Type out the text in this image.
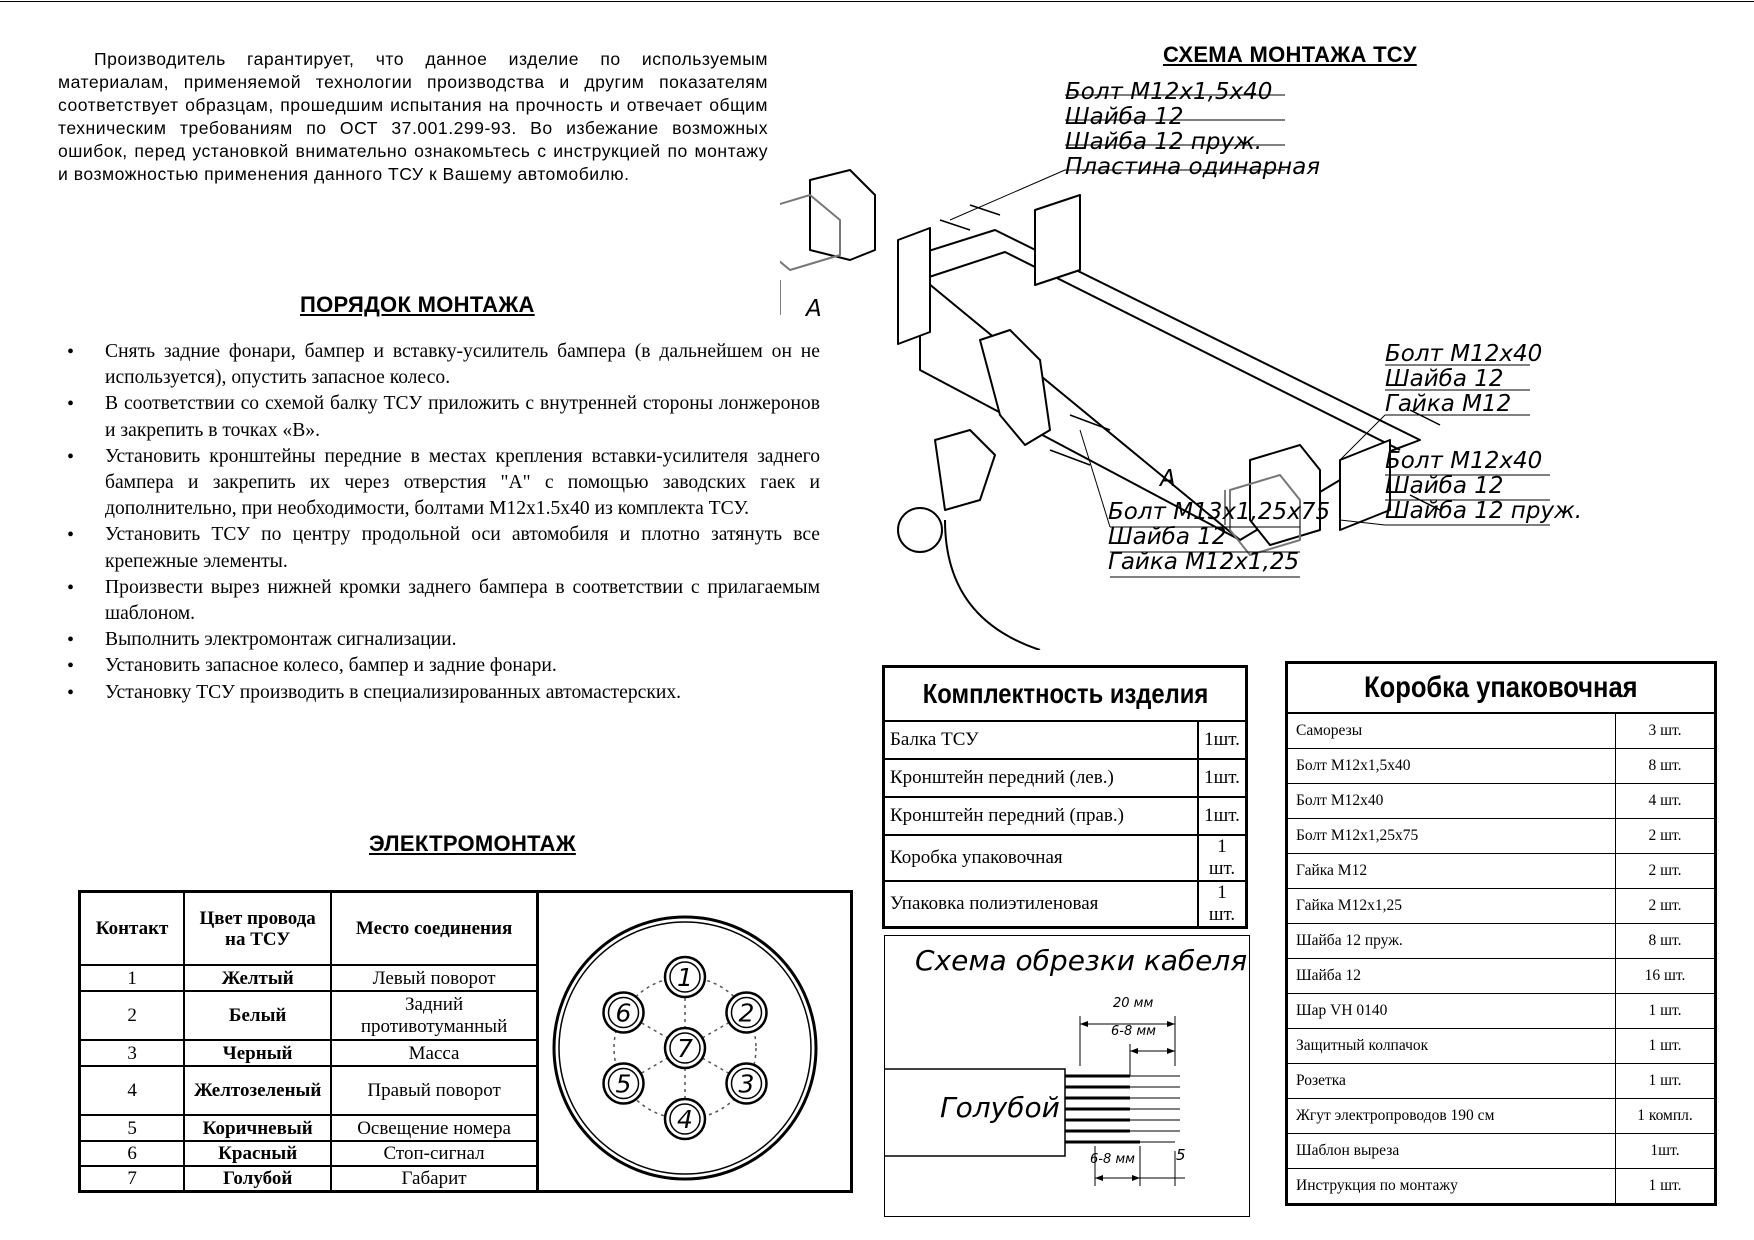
Производитель гарантирует, что данное изделие по используемым материалам, применяемой технологии производства и другим показателям соответствует образцам, прошедшим испытания на прочность и отвечает общим техническим требованиям по ОСТ 37.001.299-93. Во избежание возможных ошибок, перед установкой внимательно ознакомьтесь с инструкцией по монтажу и возможностью применения данного ТСУ к Вашему автомобилю.
ПОРЯДОК МОНТАЖА
• Снять задние фонари, бампер и вставку-усилитель бампера (в дальнейшем он не используется), опустить запасное колесо.
• В соответствии со схемой балку ТСУ приложить с внутренней стороны лонжеронов и закрепить в точках «В».
• Установить кронштейны передние в местах крепления вставки-усилителя заднего бампера и закрепить их через отверстия "А" с помощью заводских гаек и дополнительно, при необходимости, болтами М12х1.5х40 из комплекта ТСУ.
• Установить ТСУ по центру продольной оси автомобиля и плотно затянуть все крепежные элементы.
• Произвести вырез нижней кромки заднего бампера в соответствии с прилагаемым шаблоном.
• Выполнить электромонтаж сигнализации.
• Установить запасное колесо, бампер и задние фонари.
• Установку ТСУ производить в специализированных автомастерских.
ЭЛЕКТРОМОНТАЖ
Контакт	Цвет провода на ТСУ	Место соединения
1	Желтый	Левый поворот
2	Белый	Задний противотуманный
3	Черный	Масса
4	Желтозеленый	Правый поворот
5	Коричневый	Освещение номера
6	Красный	Стоп-сигнал
7	Голубой	Габарит
1
2
3
4
5
6
7
СХЕМА МОНТАЖА ТСУ
Болт М12х1,5х40
Шайба 12
Шайба 12 пруж.
Пластина одинарная
Болт М12х40
Шайба 12
Гайка М12
Болт М12х40
Шайба 12
Шайба 12 пруж.
Болт М13х1,25х75
Шайба 12
Гайка М12х1,25
А
А
Комплектность изделия	
Балка ТСУ	1шт.
Кронштейн передний (лев.)	1шт.
Кронштейн передний (прав.)	1шт.
Коробка упаковочная	1 шт.
Упаковка полиэтиленовая	1 шт.
Схема обрезки кабеля
20 мм
6-8 мм
6-8 мм	5
Голубой
Коробка упаковочная	
Саморезы	3 шт.
Болт М12х1,5х40	8 шт.
Болт М12х40	4 шт.
Болт М12х1,25х75	2 шт.
Гайка М12	2 шт.
Гайка М12х1,25	2 шт.
Шайба 12 пруж.	8 шт.
Шайба 12	16 шт.
Шар VH 0140	1 шт.
Защитный колпачок	1 шт.
Розетка	1 шт.
Жгут электропроводов 190 см	1 компл.
Шаблон выреза	1шт.
Инструкция по монтажу	1 шт.
